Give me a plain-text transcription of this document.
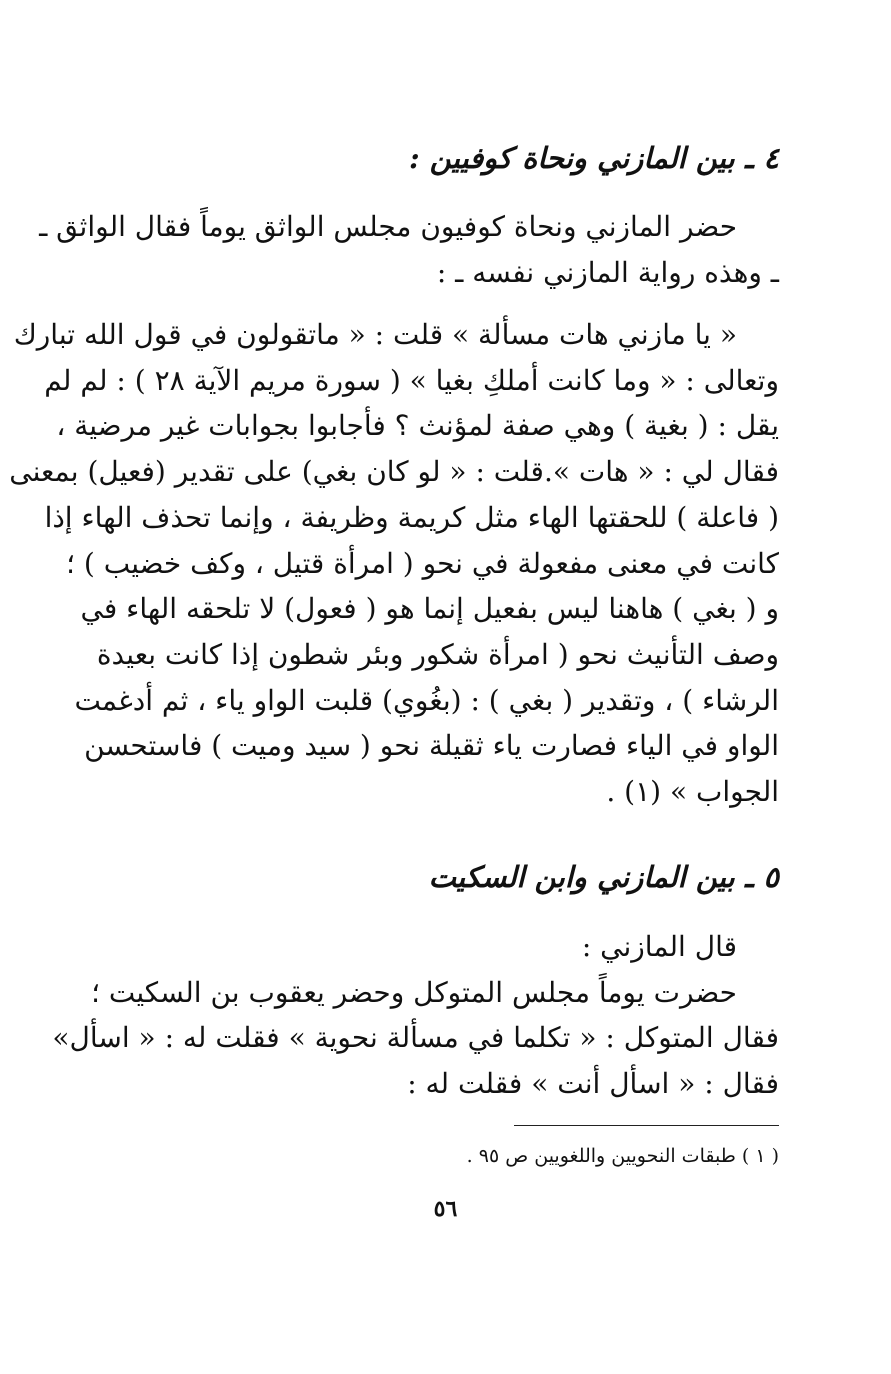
٤ ـ بين المازني ونحاة كوفيين :
حضر المازني ونحاة كوفيون مجلس الواثق يوماً فقال الواثق ـ
ـ وهذه رواية المازني نفسه ـ :
« يا مازني هات مسألة » قلت : « ماتقولون في قول الله تبارك
وتعالى : « وما كانت أملكِ بغيا » ( سورة مريم الآية ٢٨ ) : لم لم
يقل : ( بغية ) وهي صفة لمؤنث ؟ فأجابوا بجوابات غير مرضية ،
فقال لي : « هات ».قلت : « لو كان بغي) على تقدير (فعيل) بمعنى
( فاعلة ) للحقتها الهاء مثل كريمة وظريفة ، وإنما تحذف الهاء إذا
كانت في معنى مفعولة في نحو ( امرأة قتيل ، وكف خضيب ) ؛
و ( بغي ) هاهنا ليس بفعيل إنما هو ( فعول) لا تلحقه الهاء في
وصف التأنيث نحو ( امرأة شكور وبئر شطون إذا كانت بعيدة
الرشاء ) ، وتقدير ( بغي ) : (بغُوي) قلبت الواو ياء ، ثم أدغمت
الواو في الياء فصارت ياء ثقيلة نحو ( سيد وميت ) فاستحسن
الجواب » (١) .
٥ ـ بين المازني وابن السكيت
قال المازني :
حضرت يوماً مجلس المتوكل وحضر يعقوب بن السكيت ؛
فقال المتوكل : « تكلما في مسألة نحوية » فقلت له : « اسأل»
فقال : « اسأل أنت » فقلت له :
( ١ ) طبقات النحويين واللغويين ص ٩٥ .
٥٦
